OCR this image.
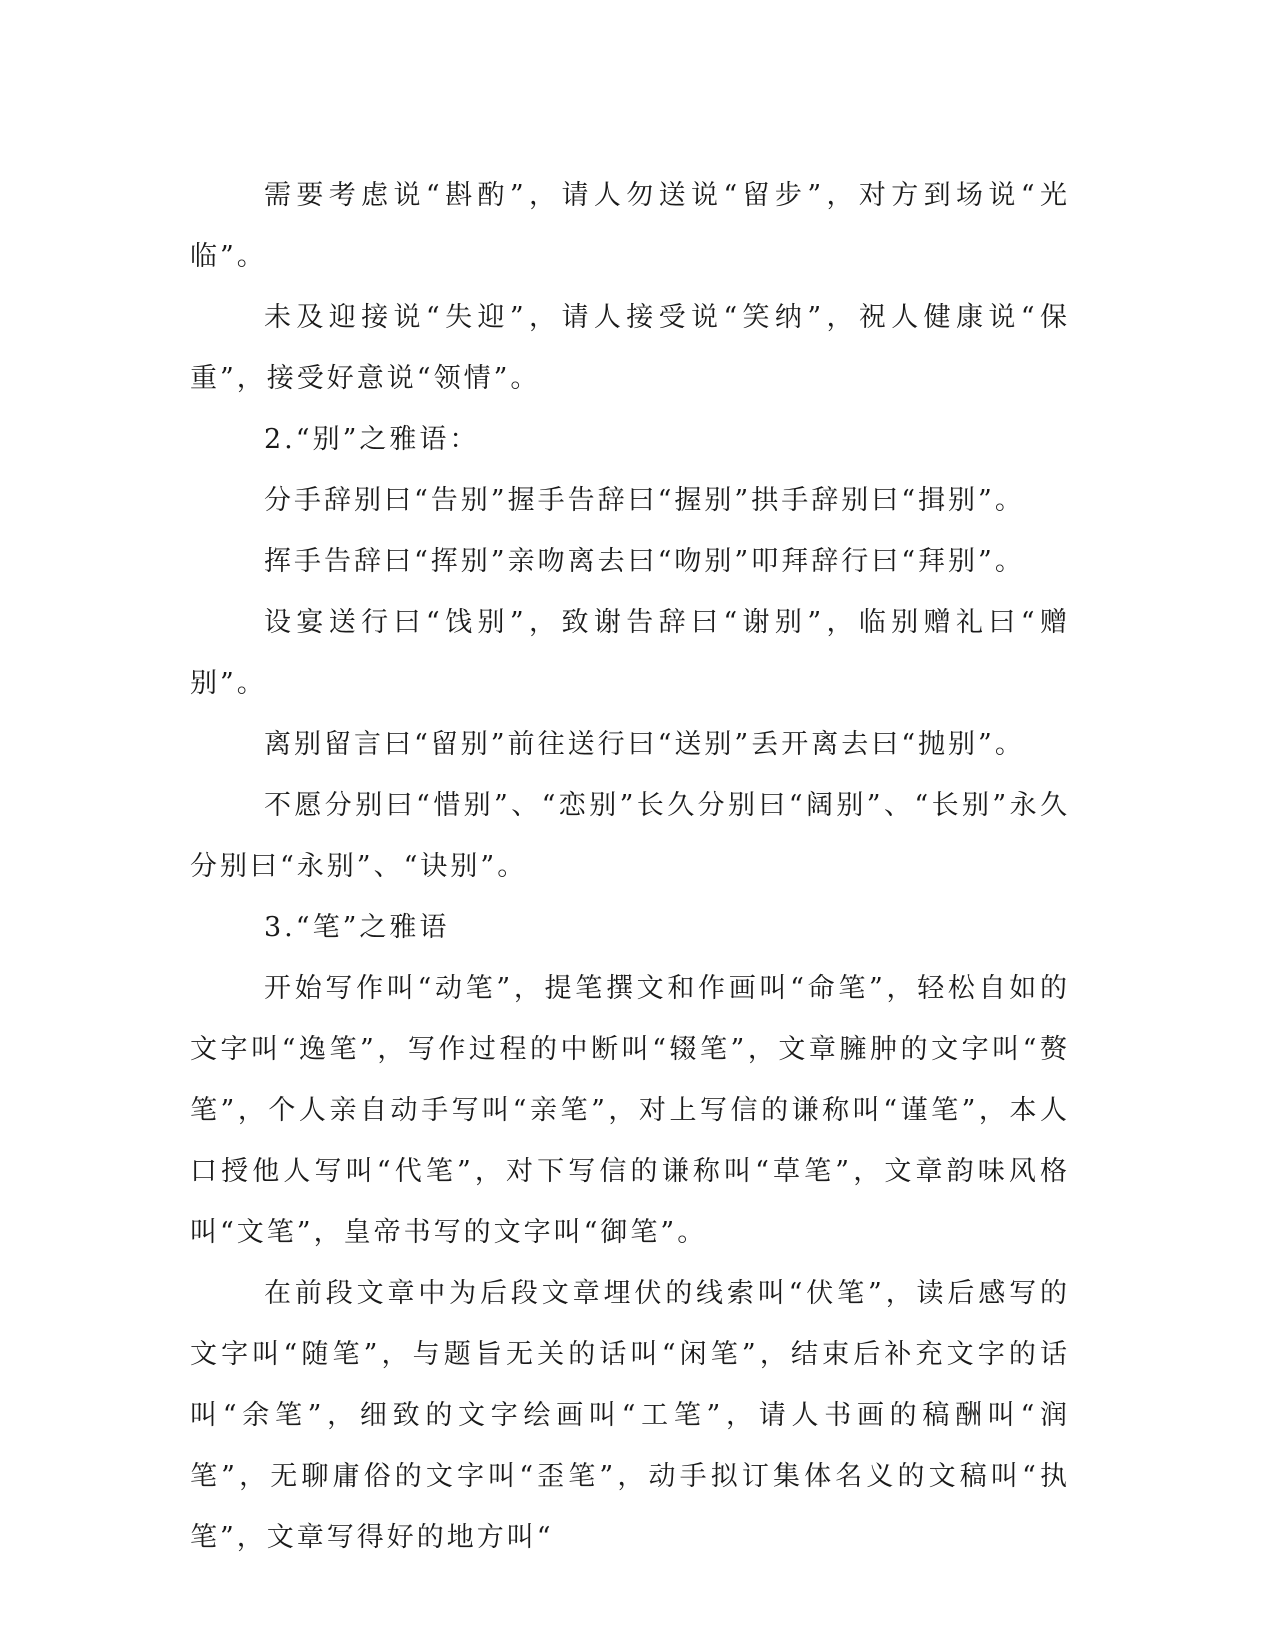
需要考虑说“斟酌”，请人勿送说“留步”，对方到场说“光临”。

未及迎接说“失迎”，请人接受说“笑纳”，祝人健康说“保重”，接受好意说“领情”。

2.“别”之雅语：

分手辞别曰“告别”握手告辞曰“握别”拱手辞别曰“揖别”。

挥手告辞曰“挥别”亲吻离去曰“吻别”叩拜辞行曰“拜别”。

设宴送行曰“饯别”，致谢告辞曰“谢别”，临别赠礼曰“赠别”。

离别留言曰“留别”前往送行曰“送别”丢开离去曰“抛别”。

不愿分别曰“惜别”、“恋别”长久分别曰“阔别”、“长别”永久分别曰“永别”、“诀别”。

3.“笔”之雅语

开始写作叫“动笔”，提笔撰文和作画叫“命笔”，轻松自如的文字叫“逸笔”，写作过程的中断叫“辍笔”，文章臃肿的文字叫“赘笔”，个人亲自动手写叫“亲笔”，对上写信的谦称叫“谨笔”，本人口授他人写叫“代笔”，对下写信的谦称叫“草笔”，文章韵味风格叫“文笔”，皇帝书写的文字叫“御笔”。

在前段文章中为后段文章埋伏的线索叫“伏笔”，读后感写的文字叫“随笔”，与题旨无关的话叫“闲笔”，结束后补充文字的话叫“余笔”，细致的文字绘画叫“工笔”，请人书画的稿酬叫“润笔”，无聊庸俗的文字叫“歪笔”，动手拟订集体名义的文稿叫“执笔”，文章写得好的地方叫“
